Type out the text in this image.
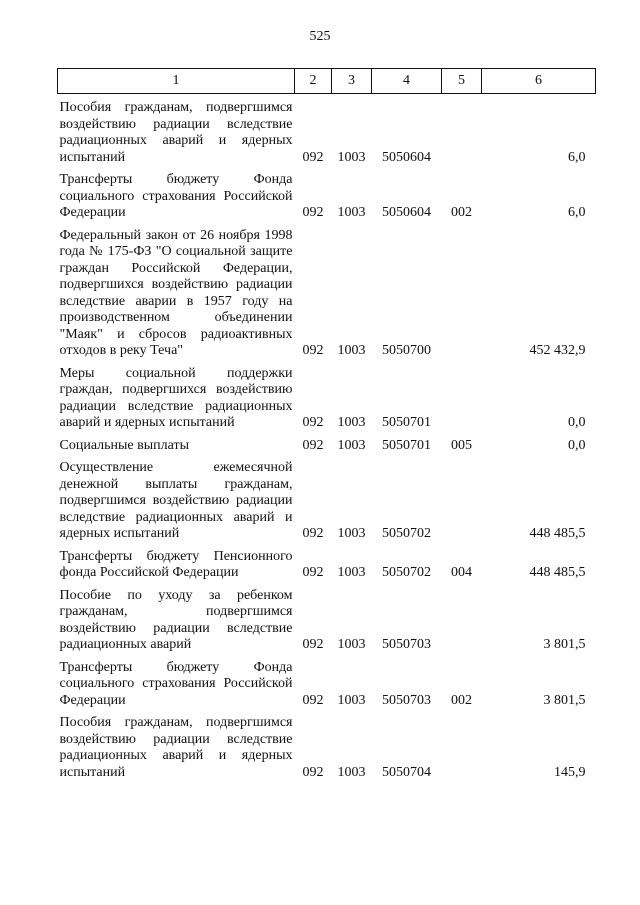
525
1	2	3	4	5	6
Пособия гражданам, подвергшимся воздействию радиации вследствие радиационных аварий и ядерных испытаний	092	1003	5050604		6,0
Трансферты бюджету Фонда социального страхования Российской Федерации	092	1003	5050604	002	6,0
Федеральный закон от 26 ноября 1998 года № 175-ФЗ "О социальной защите граждан Российской Федерации, подвергшихся воздействию радиации вследствие аварии в 1957 году на производственном объединении "Маяк" и сбросов радиоактивных отходов в реку Теча"	092	1003	5050700		452 432,9
Меры социальной поддержки граждан, подвергшихся воздействию радиации вследствие радиационных аварий и ядерных испытаний	092	1003	5050701		0,0
Социальные выплаты	092	1003	5050701	005	0,0
Осуществление ежемесячной денежной выплаты гражданам, подвергшимся воздействию радиации вследствие радиационных аварий и ядерных испытаний	092	1003	5050702		448 485,5
Трансферты бюджету Пенсионного фонда Российской Федерации	092	1003	5050702	004	448 485,5
Пособие по уходу за ребенком гражданам, подвергшимся воздействию радиации вследствие радиационных аварий	092	1003	5050703		3 801,5
Трансферты бюджету Фонда социального страхования Российской Федерации	092	1003	5050703	002	3 801,5
Пособия гражданам, подвергшимся воздействию радиации вследствие радиационных аварий и ядерных испытаний	092	1003	5050704		145,9
